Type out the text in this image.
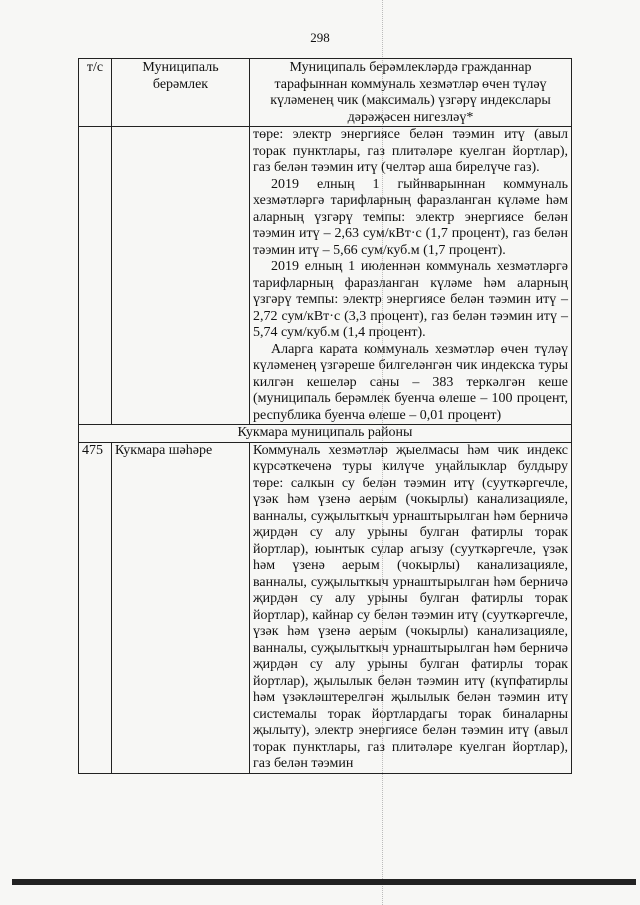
298
т/с	Муниципаль берәмлек	Муниципаль берәмлекләрдә гражданнар тарафыннан коммуналь хезмәтләр өчен түләү күләменең чик (максималь) үзгәрү индекслары дәрәҗәсен нигезләү*

		төре: электр энергиясе белән тәэмин итү (авыл торак пунктлары, газ плитәләре куелган йортлар), газ белән тәэмин итү (челтәр аша бирелүче газ).

2019 елның 1 гыйнварыннан коммуналь хезмәтләргә тарифларның фаразланган күләме һәм аларның үзгәрү темпы: электр энергиясе белән тәэмин итү – 2,63 сум/кВт·с (1,7 процент), газ белән тәэмин итү – 5,66 сум/куб.м (1,7 процент).

2019 елның 1 июленнән коммуналь хезмәтләргә тарифларның фаразланган күләме һәм аларның үзгәрү темпы: электр энергиясе белән тәэмин итү – 2,72 сум/кВт·с (3,3 процент), газ белән тәэмин итү – 5,74 сум/куб.м (1,4 процент).

Аларга карата коммуналь хезмәтләр өчен түләү күләменең үзгәреше билгеләнгән чик индекска туры килгән кешеләр саны – 383 теркәлгән кеше (муниципаль берәмлек буенча өлеше – 100 процент, республика буенча өлеше – 0,01 процент)

Кукмара муниципаль районы		
475	Кукмара шәһәре	Коммуналь хезмәтләр җыелмасы һәм чик индекс күрсәткеченә туры килүче уңайлыклар булдыру төре: салкын су белән тәэмин итү (сууткәргечле, үзәк һәм үзенә аерым (чокырлы) канализацияле, ванналы, суҗылыткыч урнаштырылган һәм берничә җирдән су алу урыны булган фатирлы торак йортлар), юынтык сулар агызу (сууткәргечле, үзәк һәм үзенә аерым (чокырлы) канализацияле, ванналы, суҗылыткыч урнаштырылган һәм берничә җирдән су алу урыны булган фатирлы торак йортлар), кайнар су белән тәэмин итү (сууткәргечле, үзәк һәм үзенә аерым (чокырлы) канализацияле, ванналы, суҗылыткыч урнаштырылган һәм берничә җирдән су алу урыны булган фатирлы торак йортлар), җылылык белән тәэмин итү (күпфатирлы һәм үзәкләштерелгән җылылык белән тәэмин итү системалы торак йортлардагы торак биналарны җылыту), электр энергиясе белән тәэмин итү (авыл торак пунктлары, газ плитәләре куелган йортлар), газ белән тәэмин
